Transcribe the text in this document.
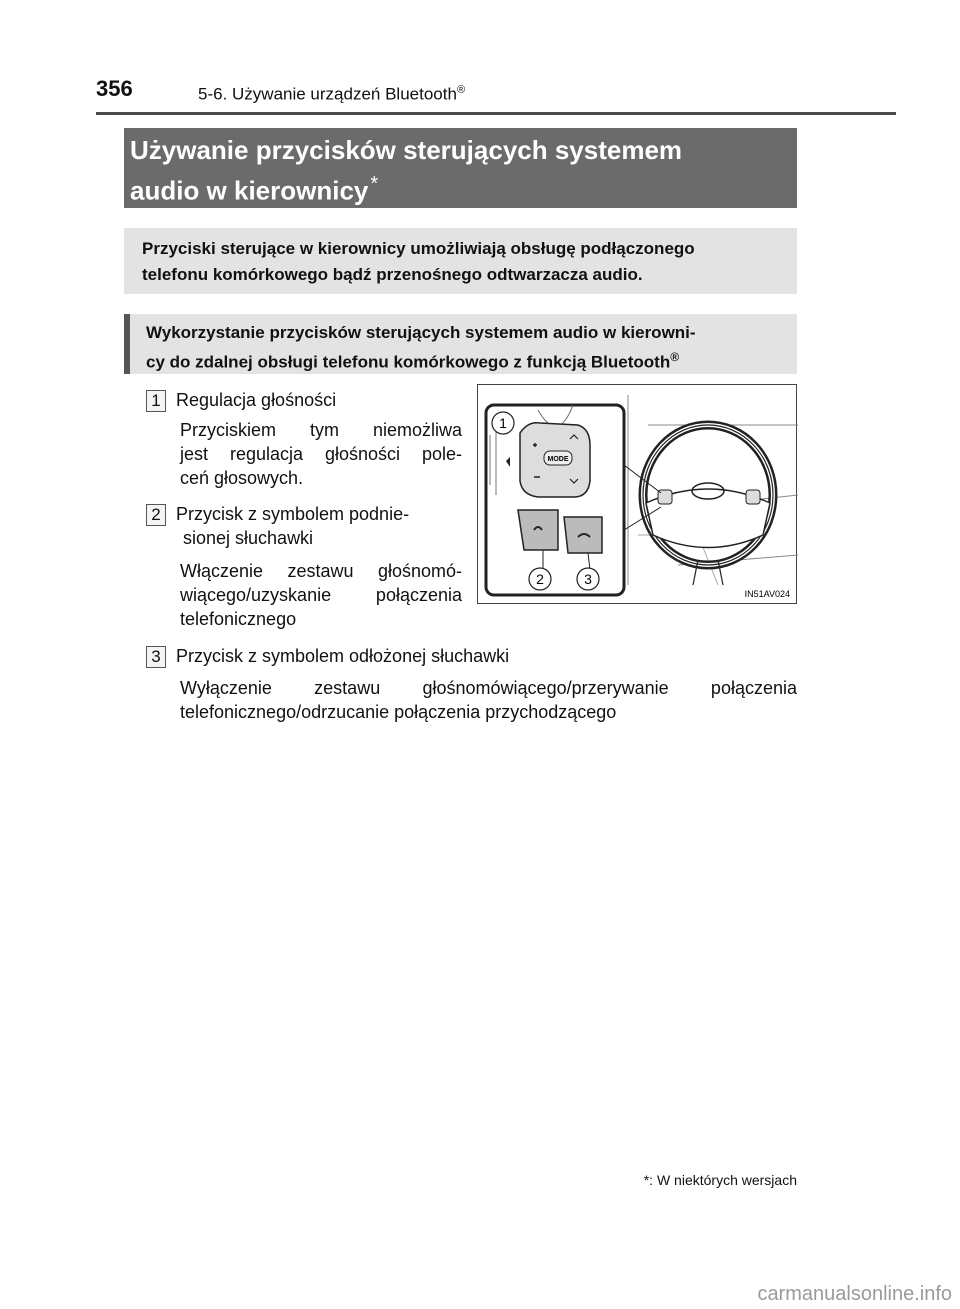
356	5-6. Używanie urządzeń Bluetooth®
Używanie przycisków sterujących systemem
audio w kierownicy *
Przyciski sterujące w kierownicy umożliwiają obsługę podłączonego
telefonu komórkowego bądź przenośnego odtwarzacza audio.
Wykorzystanie przycisków sterujących systemem audio w kierowni-
cy do zdalnej obsługi telefonu komórkowego z funkcją Bluetooth®
1 Regulacja głośności
Przyciskiem tym niemożliwa
jest regulacja głośności pole-
ceń głosowych.
2 Przycisk z symbolem podnie-
sionej słuchawki
Włączenie zestawu głośnomó-
wiącego/uzyskanie połączenia
telefonicznego
3 Przycisk z symbolem odłożonej słuchawki
Wyłączenie zestawu głośnomówiącego/przerywanie połączenia
telefonicznego/odrzucanie połączenia przychodzącego
MODE
1
2	3
IN51AV024
*: W niektórych wersjach
carmanualsonline.info
